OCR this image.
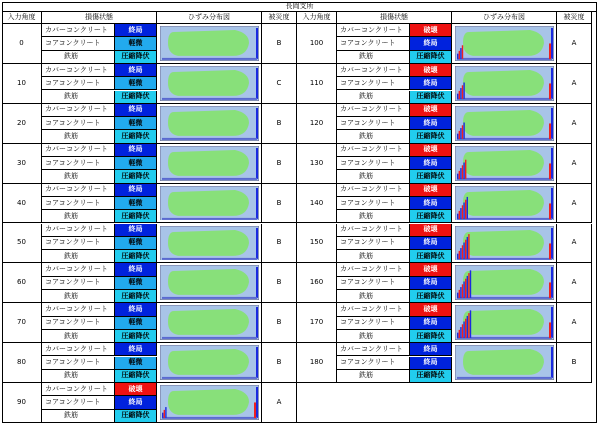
長岡支所
入力角度	損傷状態	ひずみ分布図	被災度
0
カバーコンクリート	終局
コアコンクリート	軽微
鉄筋	圧縮降伏
B
10
カバーコンクリート	終局
コアコンクリート	軽微
鉄筋	圧縮降伏
C
20
カバーコンクリート	終局
コアコンクリート	軽微
鉄筋	圧縮降伏
B
30
カバーコンクリート	終局
コアコンクリート	軽微
鉄筋	圧縮降伏
B
40
カバーコンクリート	終局
コアコンクリート	軽微
鉄筋	圧縮降伏
B
50
カバーコンクリート	終局
コアコンクリート	軽微
鉄筋	圧縮降伏
B
60
カバーコンクリート	終局
コアコンクリート	軽微
鉄筋	圧縮降伏
B
70
カバーコンクリート	終局
コアコンクリート	軽微
鉄筋	圧縮降伏
B
80
カバーコンクリート	終局
コアコンクリート	軽微
鉄筋	圧縮降伏
B
90
カバーコンクリート	破壊
コアコンクリート	終局
鉄筋	圧縮降伏
A
入力角度	損傷状態	ひずみ分布図	被災度
100
カバーコンクリート	破壊
コアコンクリート	終局
鉄筋	圧縮降伏
A
110
カバーコンクリート	破壊
コアコンクリート	終局
鉄筋	圧縮降伏
A
120
カバーコンクリート	破壊
コアコンクリート	終局
鉄筋	圧縮降伏
A
130
カバーコンクリート	破壊
コアコンクリート	終局
鉄筋	圧縮降伏
A
140
カバーコンクリート	破壊
コアコンクリート	終局
鉄筋	圧縮降伏
A
150
カバーコンクリート	破壊
コアコンクリート	終局
鉄筋	圧縮降伏
A
160
カバーコンクリート	破壊
コアコンクリート	終局
鉄筋	圧縮降伏
A
170
カバーコンクリート	破壊
コアコンクリート	終局
鉄筋	圧縮降伏
A
180
カバーコンクリート	終局
コアコンクリート	終局
鉄筋	圧縮降伏
B
